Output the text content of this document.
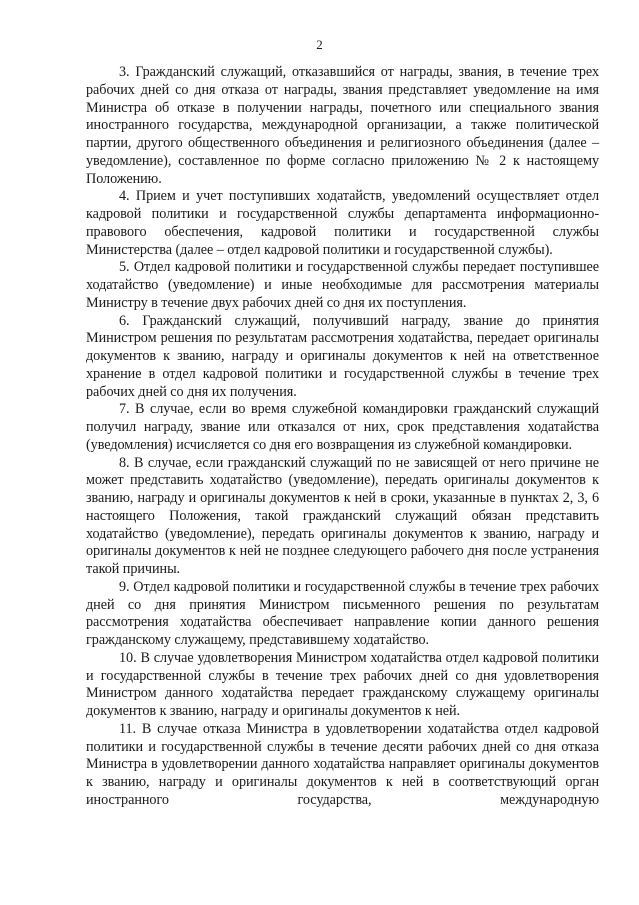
2

3. Гражданский служащий, отказавшийся от награды, звания, в течение трех рабочих дней со дня отказа от награды, звания представляет уведомление на имя Министра об отказе в получении награды, почетного или специального звания иностранного государства, международной организации, а также политической партии, другого общественного объединения и религиозного объединения (далее – уведомление), составленное по форме согласно приложению № 2 к настоящему Положению.

4. Прием и учет поступивших ходатайств, уведомлений осуществляет отдел кадровой политики и государственной службы департамента информационно-правового обеспечения, кадровой политики и государственной службы Министерства (далее – отдел кадровой политики и государственной службы).

5. Отдел кадровой политики и государственной службы передает поступившее ходатайство (уведомление) и иные необходимые для рассмотрения материалы Министру в течение двух рабочих дней со дня их поступления.

6. Гражданский служащий, получивший награду, звание до принятия Министром решения по результатам рассмотрения ходатайства, передает оригиналы документов к званию, награду и оригиналы документов к ней на ответственное хранение в отдел кадровой политики и государственной службы в течение трех рабочих дней со дня их получения.

7. В случае, если во время служебной командировки гражданский служащий получил награду, звание или отказался от них, срок представления ходатайства (уведомления) исчисляется со дня его возвращения из служебной командировки.

8. В случае, если гражданский служащий по не зависящей от него причине не может представить ходатайство (уведомление), передать оригиналы документов к званию, награду и оригиналы документов к ней в сроки, указанные в пунктах 2, 3, 6 настоящего Положения, такой гражданский служащий обязан представить ходатайство (уведомление), передать оригиналы документов к званию, награду и оригиналы документов к ней не позднее следующего рабочего дня после устранения такой причины.

9. Отдел кадровой политики и государственной службы в течение трех рабочих дней со дня принятия Министром письменного решения по результатам рассмотрения ходатайства обеспечивает направление копии данного решения гражданскому служащему, представившему ходатайство.

10. В случае удовлетворения Министром ходатайства отдел кадровой политики и государственной службы в течение трех рабочих дней со дня удовлетворения Министром данного ходатайства передает гражданскому служащему оригиналы документов к званию, награду и оригиналы документов к ней.

11. В случае отказа Министра в удовлетворении ходатайства отдел кадровой политики и государственной службы в течение десяти рабочих дней со дня отказа Министра в удовлетворении данного ходатайства направляет оригиналы документов к званию, награду и оригиналы документов к ней в соответствующий орган иностранного государства, международную
